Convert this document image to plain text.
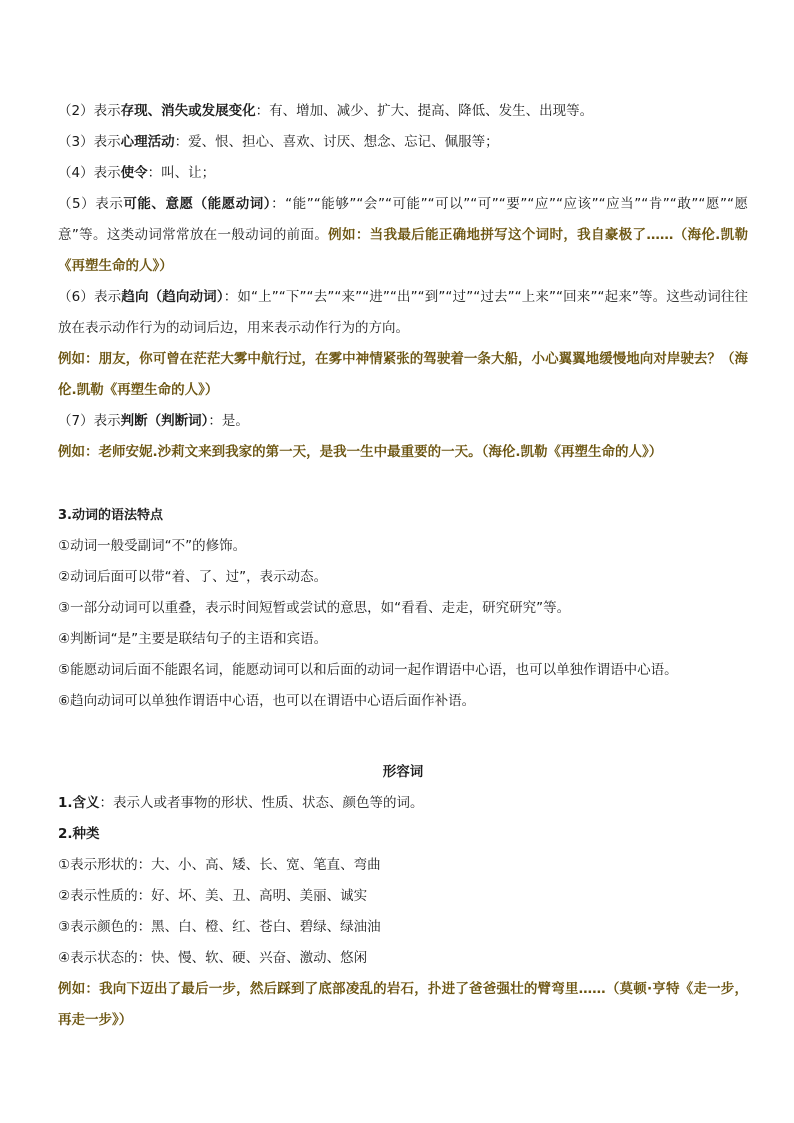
（2）表示存现、消失或发展变化：有、增加、减少、扩大、提高、降低、发生、出现等。
（3）表示心理活动：爱、恨、担心、喜欢、讨厌、想念、忘记、佩服等；
（4）表示使令：叫、让；
（5）表示可能、意愿（能愿动词）：“能”“能够”“会”“可能”“可以”“可”“要”“应”“应该”“应当”“肯”“敢”“愿”“愿意”等。这类动词常常放在一般动词的前面。例如：当我最后能正确地拼写这个词时，我自豪极了……（海伦.凯勒《再塑生命的人》）
（6）表示趋向（趋向动词）：如“上”“下”“去”“来”“进”“出”“到”“过”“过去”“上来”“回来”“起来”等。这些动词往往放在表示动作行为的动词后边，用来表示动作行为的方向。
例如：朋友，你可曾在茫茫大雾中航行过，在雾中神情紧张的驾驶着一条大船，小心翼翼地缓慢地向对岸驶去？（海伦.凯勒《再塑生命的人》）
（7）表示判断（判断词）：是。
例如：老师安妮.沙莉文来到我家的第一天，是我一生中最重要的一天。（海伦.凯勒《再塑生命的人》）
3.动词的语法特点
①动词一般受副词“不”的修饰。
②动词后面可以带“着、了、过”，表示动态。
③一部分动词可以重叠，表示时间短暂或尝试的意思，如“看看、走走，研究研究”等。
④判断词“是”主要是联结句子的主语和宾语。
⑤能愿动词后面不能跟名词，能愿动词可以和后面的动词一起作谓语中心语，也可以单独作谓语中心语。
⑥趋向动词可以单独作谓语中心语，也可以在谓语中心语后面作补语。
形容词
1.含义：表示人或者事物的形状、性质、状态、颜色等的词。
2.种类
①表示形状的：大、小、高、矮、长、宽、笔直、弯曲
②表示性质的：好、坏、美、丑、高明、美丽、诚实
③表示颜色的：黑、白、橙、红、苍白、碧绿、绿油油
④表示状态的：快、慢、软、硬、兴奋、激动、悠闲
例如：我向下迈出了最后一步，然后踩到了底部凌乱的岩石，扑进了爸爸强壮的臂弯里……（莫顿·亨特《走一步，再走一步》）
